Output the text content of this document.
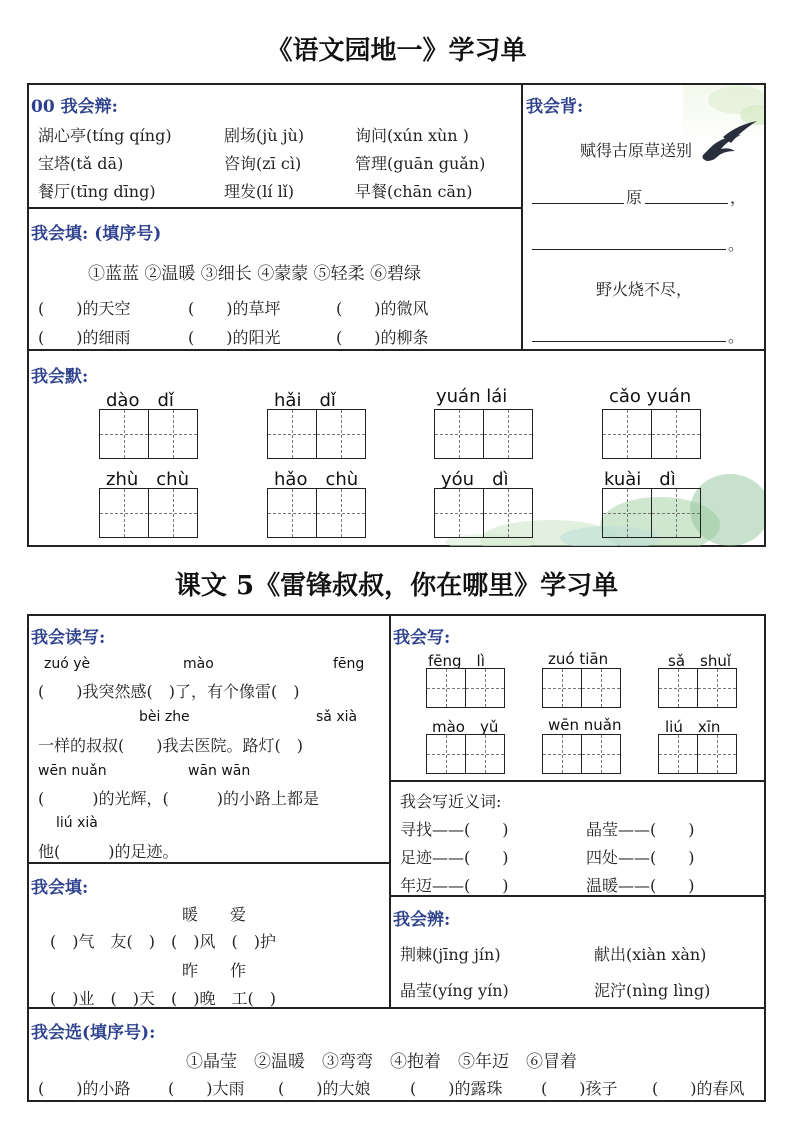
《语文园地一》学习单
00 我会辩:
湖心亭(tíng qíng)	剧场(jù jù)	询问(xún xùn )
宝塔(tǎ dā)	咨询(zī cì)	管理(guān guǎn)
餐厅(tīng dīng)	理发(lí lǐ)	早餐(chān cān)
我会背:
赋得古原草送别
原	，
。
野火烧不尽，
。
我会填: (填序号)
①蓝蓝 ②温暖 ③细长 ④蒙蒙 ⑤轻柔 ⑥碧绿
(　　)的天空	(　　)的草坪	(　　)的微风
(　　)的细雨	(　　)的阳光	(　　)的柳条
我会默:
dào　dǐ	hǎi　dǐ	yuán lái	cǎo yuán
zhù　chù	hǎo　chù	yóu　dì	kuài　dì
课文 5《雷锋叔叔，你在哪里》学习单
我会读写:
zuó yè	mào	fēng
(　　)我突然感(　)了，有个像雷(　)
bèi zhe	sǎ xià
一样的叔叔(　　)我去医院。路灯(　)
wēn nuǎn	wān wān
(　　　)的光辉，(　　　)的小路上都是
liú xià
他(　　　)的足迹。
我会写:
fēng　lì	zuó tiān	sǎ　shuǐ
mào　yǔ	wēn nuǎn	liú　xīn
我会写近义词:
寻找——(　　)	晶莹——(　　)
足迹——(　　)	四处——(　　)
年迈——(　　)	温暖——(　　)
我会填:
暖　　爱
(　)气　友(　)　(　)风　(　)护
昨　　作
(　)业　(　)天　(　)晚　工(　)
我会辨:
荆棘(jīng jín)	献出(xiàn xàn)
晶莹(yíng yín)	泥泞(nìng lìng)
我会选(填序号):
①晶莹　②温暖　③弯弯　④抱着　⑤年迈　⑥冒着
(　　)的小路 (　　)大雨 (　　)的大娘 (　　)的露珠 (　　)孩子 (　　)的春风
